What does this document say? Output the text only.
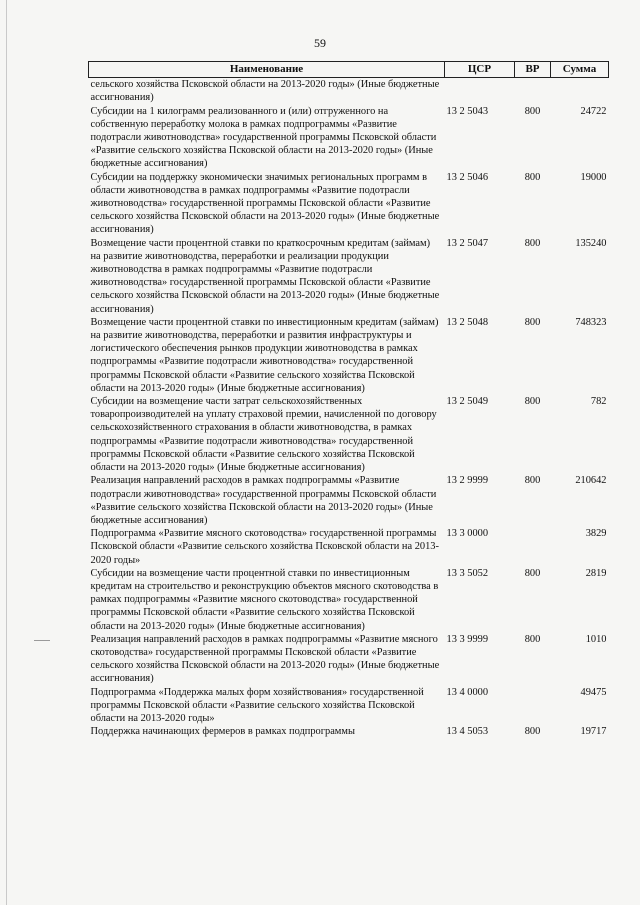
59
Наименование	ЦСР	ВР	Сумма
сельского хозяйства Псковской области на 2013-2020 годы» (Иные бюджетные ассигнования)			
Субсидии на 1 килограмм реализованного и (или) отгруженного на собственную переработку молока в рамках подпрограммы «Развитие подотрасли животноводства» государственной программы Псковской области «Развитие сельского хозяйства Псковской области на 2013-2020 годы» (Иные бюджетные ассигнования)	13 2 5043	800	24722
Субсидии на поддержку экономически значимых региональных программ в области животноводства в рамках подпрограммы «Развитие подотрасли животноводства» государственной программы Псковской области «Развитие сельского хозяйства Псковской области на 2013-2020 годы» (Иные бюджетные ассигнования)	13 2 5046	800	19000
Возмещение части процентной ставки по краткосрочным кредитам (займам) на развитие животноводства, переработки и реализации продукции животноводства в рамках подпрограммы «Развитие подотрасли животноводства» государственной программы Псковской области «Развитие сельского хозяйства Псковской области на 2013-2020 годы» (Иные бюджетные ассигнования)	13 2 5047	800	135240
Возмещение части процентной ставки по инвестиционным кредитам (займам) на развитие животноводства, переработки и развития инфраструктуры и логистического обеспечения рынков продукции животноводства в рамках подпрограммы «Развитие подотрасли животноводства» государственной программы Псковской области «Развитие сельского хозяйства Псковской области на 2013-2020 годы» (Иные бюджетные ассигнования)	13 2 5048	800	748323
Субсидии на возмещение части затрат сельскохозяйственных товаропроизводителей на уплату страховой премии, начисленной по договору сельскохозяйственного страхования в области животноводства, в рамках подпрограммы «Развитие подотрасли животноводства» государственной программы Псковской области «Развитие сельского хозяйства Псковской области на 2013-2020 годы» (Иные бюджетные ассигнования)	13 2 5049	800	782
Реализация направлений расходов в рамках подпрограммы «Развитие подотрасли животноводства» государственной программы Псковской области «Развитие сельского хозяйства Псковской области на 2013-2020 годы» (Иные бюджетные ассигнования)	13 2 9999	800	210642
Подпрограмма «Развитие мясного скотоводства» государственной программы Псковской области «Развитие сельского хозяйства Псковской области на 2013-2020 годы»	13 3 0000		3829
Субсидии на возмещение части процентной ставки по инвестиционным кредитам на строительство и реконструкцию объектов мясного скотоводства в рамках подпрограммы «Развитие мясного скотоводства» государственной программы Псковской области «Развитие сельского хозяйства Псковской области на 2013-2020 годы» (Иные бюджетные ассигнования)	13 3 5052	800	2819
Реализация направлений расходов в рамках подпрограммы «Развитие мясного скотоводства» государственной программы Псковской области «Развитие сельского хозяйства Псковской области на 2013-2020 годы» (Иные бюджетные ассигнования)	13 3 9999	800	1010
Подпрограмма «Поддержка малых форм хозяйствования» государственной программы Псковской области «Развитие сельского хозяйства Псковской области на 2013-2020 годы»	13 4 0000		49475
Поддержка начинающих фермеров в рамках подпрограммы	13 4 5053	800	19717
